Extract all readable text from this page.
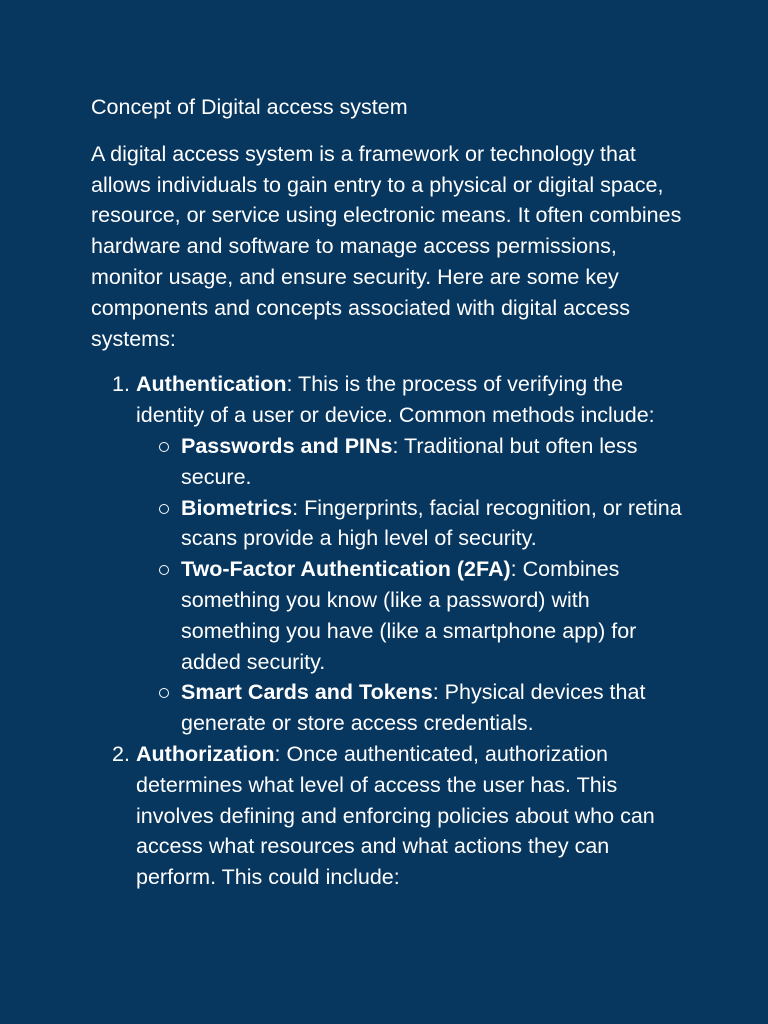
Concept of Digital access system

A digital access system is a framework or technology that allows individuals to gain entry to a physical or digital space, resource, or service using electronic means. It often combines hardware and software to manage access permissions, monitor usage, and ensure security. Here are some key components and concepts associated with digital access systems:

1. Authentication: This is the process of verifying the identity of a user or device. Common methods include:
Passwords and PINs: Traditional but often less secure.
Biometrics: Fingerprints, facial recognition, or retina scans provide a high level of security.
Two-Factor Authentication (2FA): Combines something you know (like a password) with something you have (like a smartphone app) for added security.
Smart Cards and Tokens: Physical devices that generate or store access credentials.
2. Authorization: Once authenticated, authorization determines what level of access the user has. This involves defining and enforcing policies about who can access what resources and what actions they can perform. This could include:
